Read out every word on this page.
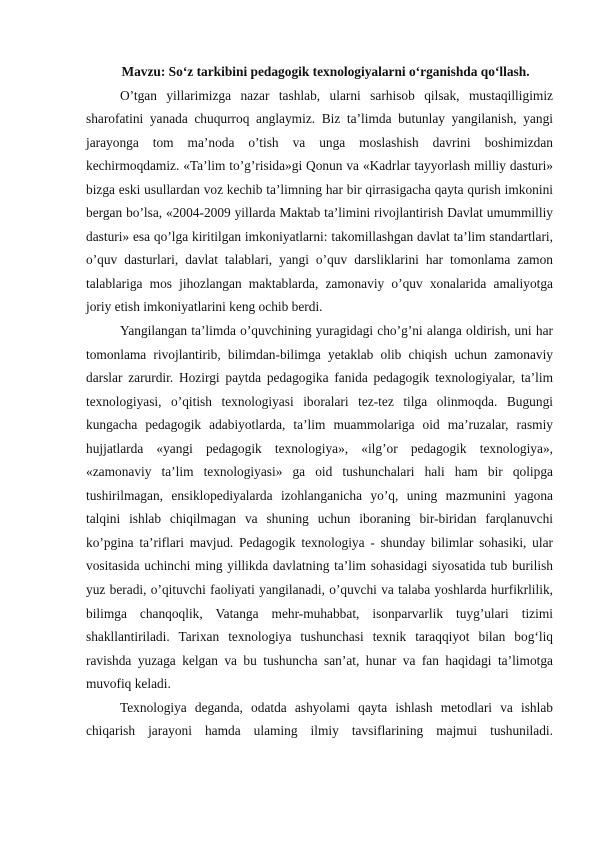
Mavzu: So‘z tarkibini pedagogik texnologiyalarni o‘rganishda qo‘llash.

O’tgan yillarimizga nazar tashlab, ularni sarhisob qilsak, mustaqilligimiz sharofatini yanada chuqurroq anglaymiz. Biz ta’limda butunlay yangilanish, yangi jarayonga tom ma’noda o’tish va unga moslashish davrini boshimizdan kechirmoqdamiz. «Ta’lim to’g’risida»gi Qonun va «Kadrlar tayyorlash milliy dasturi» bizga eski usullardan voz kechib ta’limning har bir qirrasigacha qayta qurish imkonini bergan bo’lsa, «2004-2009 yillarda Maktab ta’limini rivojlantirish Davlat umummilliy dasturi» esa qo’lga kiritilgan imkoniyatlarni: takomillashgan davlat ta’lim standartlari, o’quv dasturlari, davlat talablari, yangi o’quv darsliklarini har tomonlama zamon talablariga mos jihozlangan maktablarda, zamonaviy o’quv xonalarida amaliyotga joriy etish imkoniyatlarini keng ochib berdi.

Yangilangan ta’limda o’quvchining yuragidagi cho’g’ni alanga oldirish, uni har tomonlama rivojlantirib, bilimdan-bilimga yetaklab olib chiqish uchun zamonaviy darslar zarurdir. Hozirgi paytda pedagogika fanida pedagogik texnologiyalar, ta’lim texnologiyasi, o’qitish texnologiyasi iboralari tez-tez tilga olinmoqda. Bugungi kungacha pedagogik adabiyotlarda, ta’lim muammolariga oid ma’ruzalar, rasmiy hujjatlarda «yangi pedagogik texnologiya», «ilg’or pedagogik texnologiya», «zamonaviy ta’lim texnologiyasi» ga oid tushunchalari hali ham bir qolipga tushirilmagan, ensiklopediyalarda izohlanganicha yo’q, uning mazmunini yagona talqini ishlab chiqilmagan va shuning uchun iboraning bir-biridan farqlanuvchi ko’pgina ta’riflari mavjud. Pedagogik texnologiya - shunday bilimlar sohasiki, ular vositasida uchinchi ming yillikda davlatning ta’lim sohasidagi siyosatida tub burilish yuz beradi, o’qituvchi faoliyati yangilanadi, o’quvchi va talaba yoshlarda hurfikrlilik, bilimga chanqoqlik, Vatanga mehr-muhabbat, isonparvarlik tuyg’ulari tizimi shakllantiriladi. Tarixan texnologiya tushunchasi texnik taraqqiyot bilan bog‘liq ravishda yuzaga kelgan va bu tushuncha san’at, hunar va fan haqidagi ta’limotga muvofiq keladi.

Texnologiya deganda, odatda ashyolami qayta ishlash metodlari va ishlab chiqarish jarayoni hamda ulaming ilmiy tavsiflarining majmui tushuniladi.
